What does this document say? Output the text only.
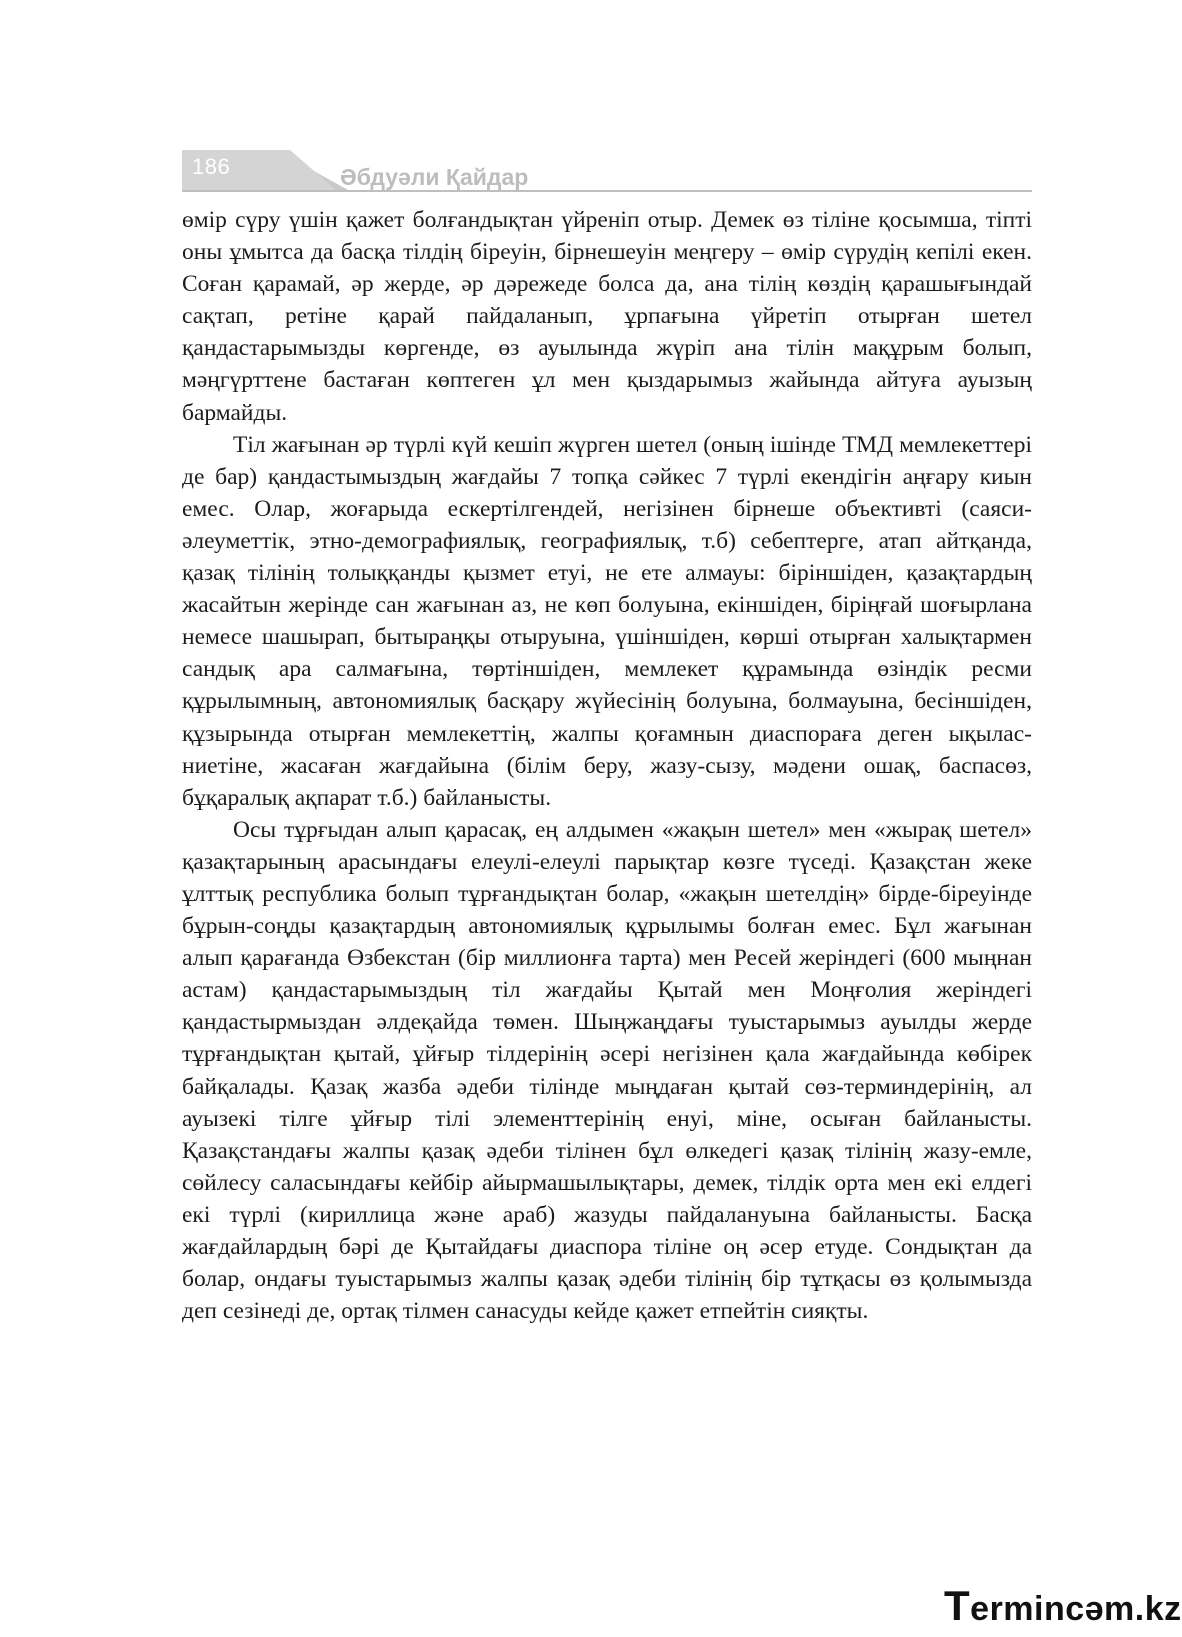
186	Әбдуәли Қайдар

өмір сүру үшін қажет болғандықтан үйреніп отыр. Демек өз тіліне қосымша, тіпті оны ұмытса да басқа тілдің біреуін, бірнешеуін меңгеру – өмір сүрудің кепілі екен. Соған қарамай, әр жерде, әр дәрежеде болса да, ана тілің көздің қарашығындай сақтап, ретіне қарай пайдаланып, ұрпағына үйретіп отырған шетел қандастарымызды көргенде, өз ауылында жүріп ана тілін мақұрым болып, мәңгүрттене бастаған көптеген ұл мен қыздарымыз жайында айтуға ауызың бармайды.

Тіл жағынан әр түрлі күй кешіп жүрген шетел (оның ішінде ТМД мемлекеттері де бар) қандастымыздың жағдайы 7 топқа сәйкес 7 түрлі екендігін аңғару киын емес. Олар, жоғарыда ескертілгендей, негізінен бірнеше объективті (саяси-әлеуметтік, этно-демографиялық, географиялық, т.б) себептерге, атап айтқанда, қазақ тілінің толыққанды қызмет етуі, не ете алмауы: біріншіден, қазақтардың жасайтын жерінде сан жағынан аз, не көп болуына, екіншіден, біріңғай шоғырлана немесе шашырап, бытыраңқы отыруына, үшіншіден, көрші отырған халықтармен сандық ара салмағына, төртіншіден, мемлекет құрамында өзіндік ресми құрылымның, автономиялық басқару жүйесінің болуына, болмауына, бесіншіден, құзырында отырған мемлекеттің, жалпы қоғамнын диаспораға деген ықылас-ниетіне, жасаған жағдайына (білім беру, жазу-сызу, мәдени ошақ, баспасөз, бұқаралық ақпарат т.б.) байланысты.

Осы тұрғыдан алып қарасақ, ең алдымен «жақын шетел» мен «жырақ шетел» қазақтарының арасындағы елеулі-елеулі парықтар көзге түседі. Қазақстан жеке ұлттық республика болып тұрғандықтан болар, «жақын шетелдің» бірде-біреуінде бұрын-соңды қазақтардың автономиялық құрылымы болған емес. Бұл жағынан алып қарағанда Өзбекстан (бір миллионға тарта) мен Ресей жеріндегі (600 мыңнан астам) қандастарымыздың тіл жағдайы Қытай мен Моңғолия жеріндегі қандастырмыздан әлдеқайда төмен. Шыңжаңдағы туыстарымыз ауылды жерде тұрғандықтан қытай, ұйғыр тілдерінің әсері негізінен қала жағдайында көбірек байқалады. Қазақ жазба әдеби тілінде мыңдаған қытай сөз-терминдерінің, ал ауызекі тілге ұйғыр тілі элементтерінің енуі, міне, осыған байланысты. Қазақстандағы жалпы қазақ әдеби тілінен бұл өлкедегі қазақ тілінің жазу-емле, сөйлесу саласындағы кейбір айырмашылықтары, демек, тілдік орта мен екі елдегі екі түрлі (кириллица және араб) жазуды пайдалануына байланысты. Басқа жағдайлардың бәрі де Қытайдағы диаспора тіліне оң әсер етуде. Сондықтан да болар, ондағы туыстарымыз жалпы қазақ әдеби тілінің бір тұтқасы өз қолымызда деп сезінеді де, ортақ тілмен санасуды кейде қажет етпейтін сияқты.

Termincәm.kz
